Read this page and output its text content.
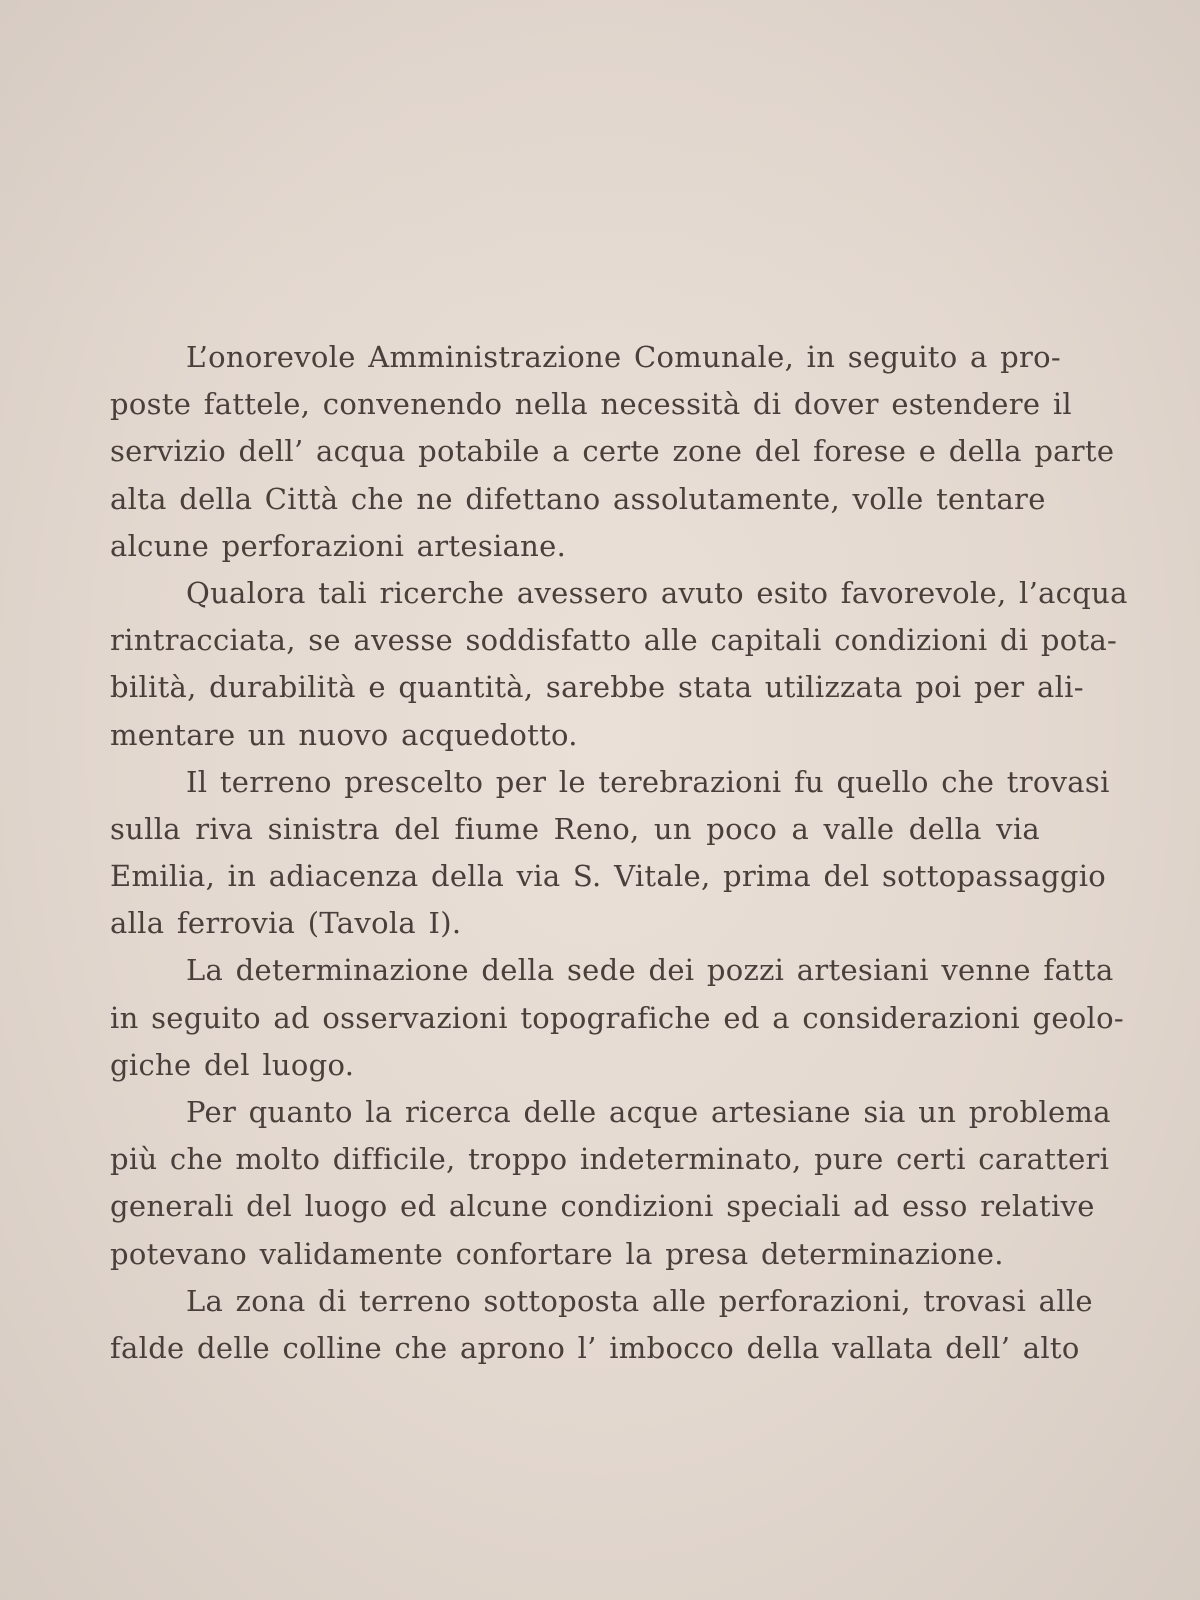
L’onorevole Amministrazione Comunale, in seguito a pro-
poste fattele, convenendo nella necessità di dover estendere il
servizio dell’ acqua potabile a certe zone del forese e della parte
alta della Città che ne difettano assolutamente, volle tentare
alcune perforazioni artesiane.
Qualora tali ricerche avessero avuto esito favorevole, l’acqua
rintracciata, se avesse soddisfatto alle capitali condizioni di pota-
bilità, durabilità e quantità, sarebbe stata utilizzata poi per ali-
mentare un nuovo acquedotto.
Il terreno prescelto per le terebrazioni fu quello che trovasi
sulla riva sinistra del fiume Reno, un poco a valle della via
Emilia, in adiacenza della via S. Vitale, prima del sottopassaggio
alla ferrovia (Tavola I).
La determinazione della sede dei pozzi artesiani venne fatta
in seguito ad osservazioni topografiche ed a considerazioni geolo-
giche del luogo.
Per quanto la ricerca delle acque artesiane sia un problema
più che molto difficile, troppo indeterminato, pure certi caratteri
generali del luogo ed alcune condizioni speciali ad esso relative
potevano validamente confortare la presa determinazione.
La zona di terreno sottoposta alle perforazioni, trovasi alle
falde delle colline che aprono l’ imbocco della vallata dell’ alto
